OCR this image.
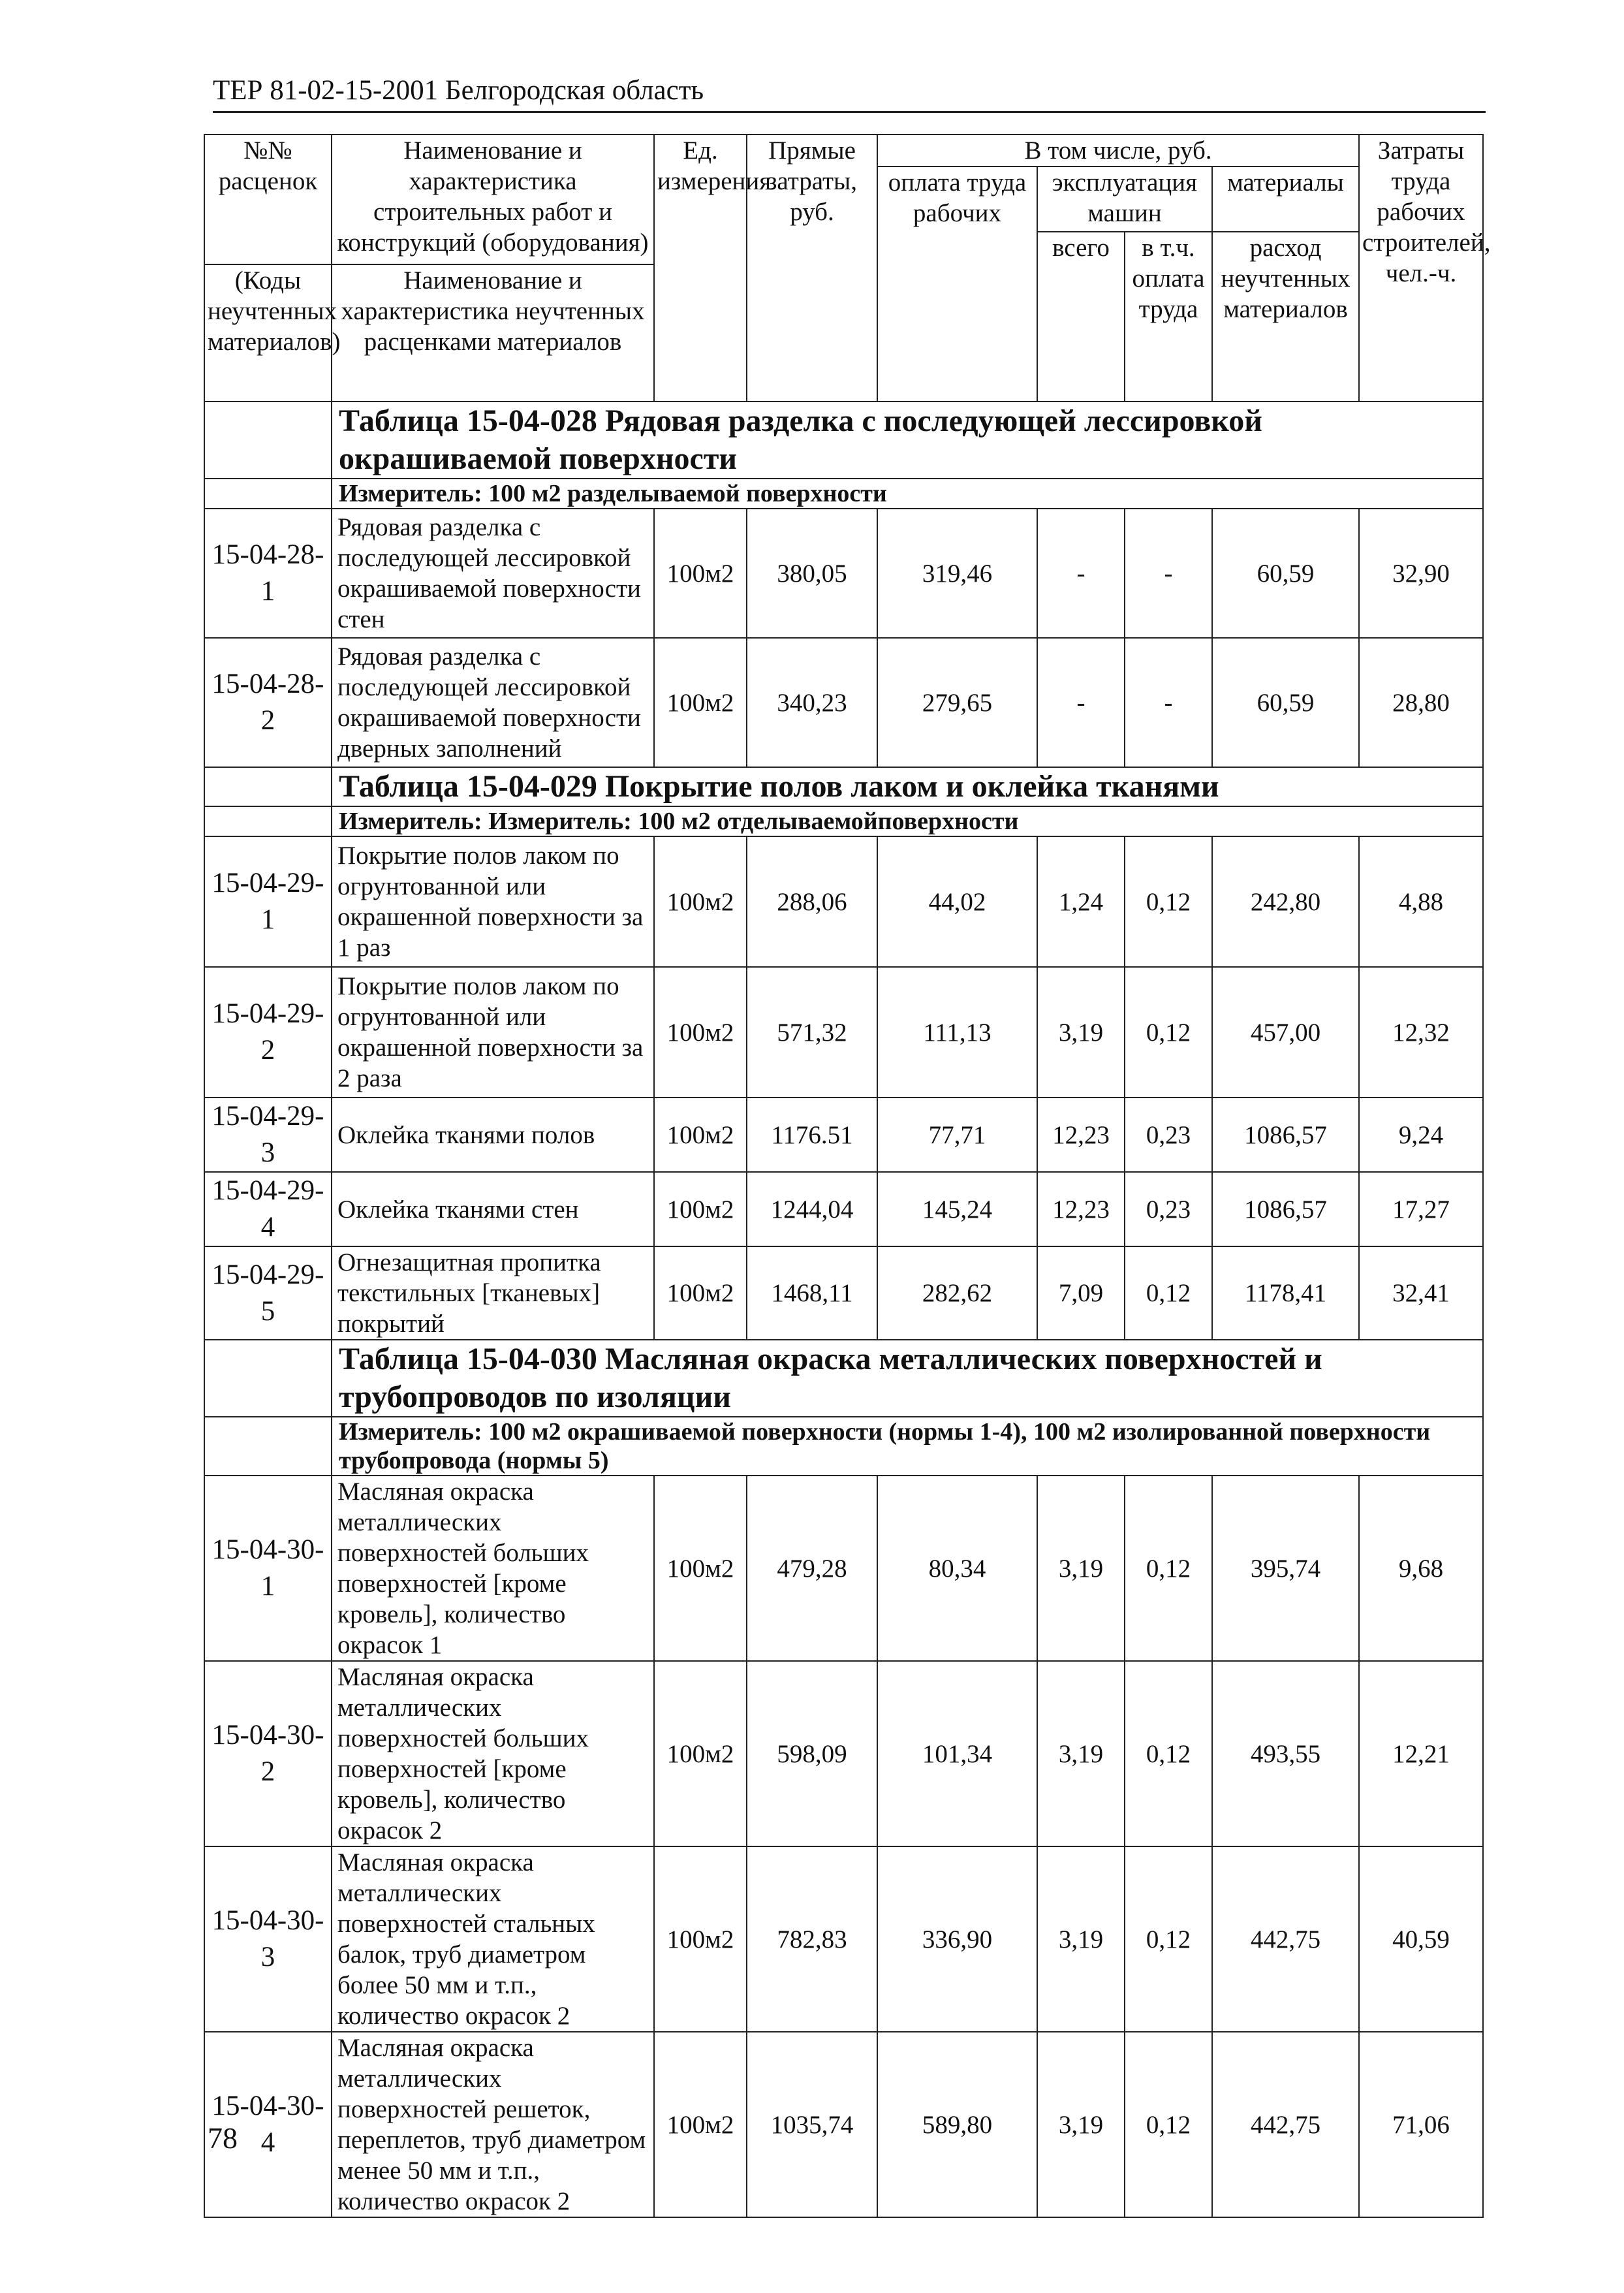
ТЕР 81-02-15-2001 Белгородская область
№№ расценок	Наименование и характеристика строительных работ и конструкций (оборудования)	Ед. измерения	Прямые затраты, руб.	В том числе, руб.				Затраты труда рабочих строителей, чел.-ч.
				оплата труда рабочих	эксплуатация машин		материалы	
					всего	в т.ч. оплата труда	расход неучтенных материалов	
(Коды неучтенных материалов)	Наименование и характеристика неучтенных расценками материалов							

	Таблица 15-04-028 Рядовая разделка с последующей лессировкой окрашиваемой поверхности							
	Измеритель: 100 м2 разделываемой поверхности							
15-04-28-1	Рядовая разделка с последующей лессировкой окрашиваемой поверхности стен	100м2	380,05	319,46	-	-	60,59	32,90
15-04-28-2	Рядовая разделка с последующей лессировкой окрашиваемой поверхности дверных заполнений	100м2	340,23	279,65	-	-	60,59	28,80
	Таблица 15-04-029 Покрытие полов лаком и оклейка тканями							
	Измеритель: Измеритель: 100 м2 отделываемойповерхности							
15-04-29-1	Покрытие полов лаком по огрунтованной или окрашенной поверхности за 1 раз	100м2	288,06	44,02	1,24	0,12	242,80	4,88
15-04-29-2	Покрытие полов лаком по огрунтованной или окрашенной поверхности за 2 раза	100м2	571,32	111,13	3,19	0,12	457,00	12,32
15-04-29-3	Оклейка тканями полов	100м2	1176.51	77,71	12,23	0,23	1086,57	9,24
15-04-29-4	Оклейка тканями стен	100м2	1244,04	145,24	12,23	0,23	1086,57	17,27
15-04-29-5	Огнезащитная пропитка текстильных [тканевых] покрытий	100м2	1468,11	282,62	7,09	0,12	1178,41	32,41
	Таблица 15-04-030 Масляная окраска металлических поверхностей и трубопроводов по изоляции							
	Измеритель: 100 м2 окрашиваемой поверхности (нормы 1-4), 100 м2 изолированной поверхности трубопровода (нормы 5)							
15-04-30-1	Масляная окраска металлических поверхностей больших поверхностей [кроме кровель], количество окрасок 1	100м2	479,28	80,34	3,19	0,12	395,74	9,68
15-04-30-2	Масляная окраска металлических поверхностей больших поверхностей [кроме кровель], количество окрасок 2	100м2	598,09	101,34	3,19	0,12	493,55	12,21
15-04-30-3	Масляная окраска металлических поверхностей стальных балок, труб диаметром более 50 мм и т.п., количество окрасок 2	100м2	782,83	336,90	3,19	0,12	442,75	40,59
15-04-30-4	Масляная окраска металлических поверхностей решеток, переплетов, труб диаметром менее 50 мм и т.п., количество окрасок 2	100м2	1035,74	589,80	3,19	0,12	442,75	71,06
78
